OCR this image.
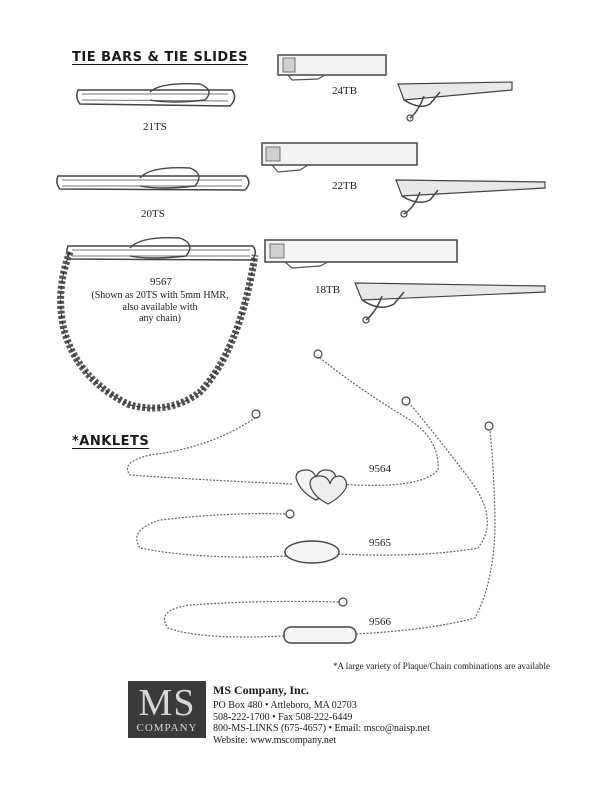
TIE BARS & TIE SLIDES
*ANKLETS
24TB
21TS
22TB
20TS
18TB
9567
(Shown as 20TS with 5mm HMR,
also available with
any chain)
9564
9565
9566
*A large variety of Plaque/Chain combinations are available
MS
COMPANY
MS Company, Inc.
PO Box 480 • Attleboro, MA 02703
508-222-1700 • Fax 508-222-6449
800-MS-LINKS (675-4657) • Email: msco@naisp.net
Website: www.mscompany.net
